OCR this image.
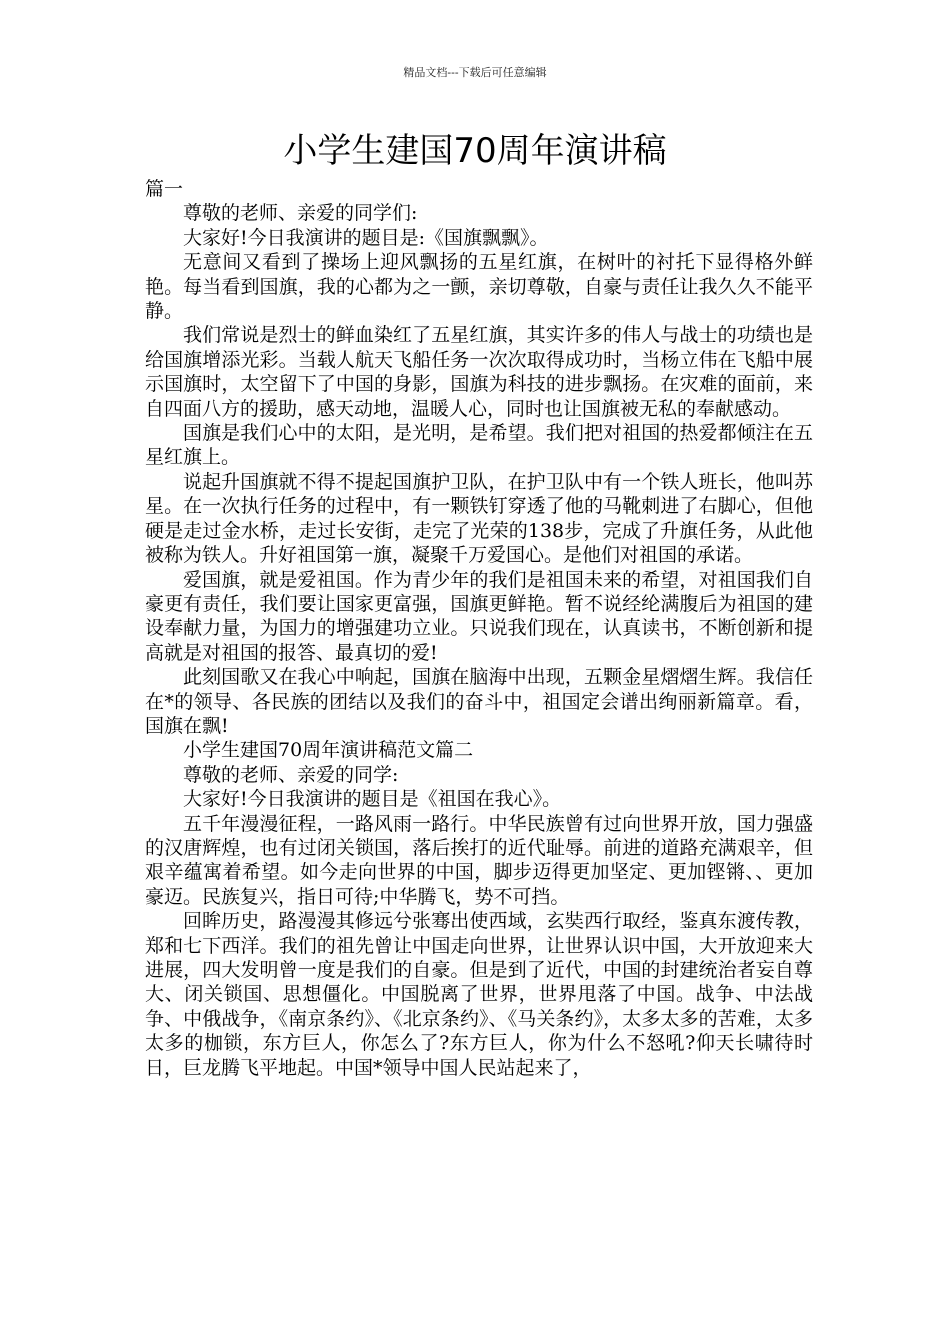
精品文档---下载后可任意编辑
小学生建国70周年演讲稿

篇一

尊敬的老师、亲爱的同学们:

大家好!今日我演讲的题目是:《国旗飘飘》。

无意间又看到了操场上迎风飘扬的五星红旗，在树叶的衬托下显得格外鲜艳。每当看到国旗，我的心都为之一颤，亲切尊敬，自豪与责任让我久久不能平静。

我们常说是烈士的鲜血染红了五星红旗，其实许多的伟人与战士的功绩也是给国旗增添光彩。当载人航天飞船任务一次次取得成功时，当杨立伟在飞船中展示国旗时，太空留下了中国的身影，国旗为科技的进步飘扬。在灾难的面前，来自四面八方的援助，感天动地，温暖人心，同时也让国旗被无私的奉献感动。

国旗是我们心中的太阳，是光明，是希望。我们把对祖国的热爱都倾注在五星红旗上。

说起升国旗就不得不提起国旗护卫队，在护卫队中有一个铁人班长，他叫苏星。在一次执行任务的过程中，有一颗铁钉穿透了他的马靴刺进了右脚心，但他硬是走过金水桥，走过长安街，走完了光荣的138步，完成了升旗任务，从此他被称为铁人。升好祖国第一旗，凝聚千万爱国心。是他们对祖国的承诺。

爱国旗，就是爱祖国。作为青少年的我们是祖国未来的希望，对祖国我们自豪更有责任，我们要让国家更富强，国旗更鲜艳。暂不说经纶满腹后为祖国的建设奉献力量，为国力的增强建功立业。只说我们现在，认真读书，不断创新和提高就是对祖国的报答、最真切的爱!

此刻国歌又在我心中响起，国旗在脑海中出现，五颗金星熠熠生辉。我信任在*的领导、各民族的团结以及我们的奋斗中，祖国定会谱出绚丽新篇章。看，国旗在飘!

小学生建国70周年演讲稿范文篇二

尊敬的老师、亲爱的同学:

大家好!今日我演讲的题目是《祖国在我心》。

五千年漫漫征程，一路风雨一路行。中华民族曾有过向世界开放，国力强盛的汉唐辉煌，也有过闭关锁国，落后挨打的近代耻辱。前进的道路充满艰辛，但艰辛蕴寓着希望。如今走向世界的中国，脚步迈得更加坚定、更加铿锵、、更加豪迈。民族复兴，指日可待;中华腾飞，势不可挡。

回眸历史，路漫漫其修远兮张骞出使西域，玄奘西行取经，鉴真东渡传教，郑和七下西洋。我们的祖先曾让中国走向世界，让世界认识中国，大开放迎来大进展，四大发明曾一度是我们的自豪。但是到了近代，中国的封建统治者妄自尊大、闭关锁国、思想僵化。中国脱离了世界，世界甩落了中国。战争、中法战争、中俄战争，《南京条约》、《北京条约》、《马关条约》，太多太多的苦难，太多太多的枷锁，东方巨人，你怎么了?东方巨人，你为什么不怒吼?仰天长啸待时日，巨龙腾飞平地起。中国*领导中国人民站起来了，
